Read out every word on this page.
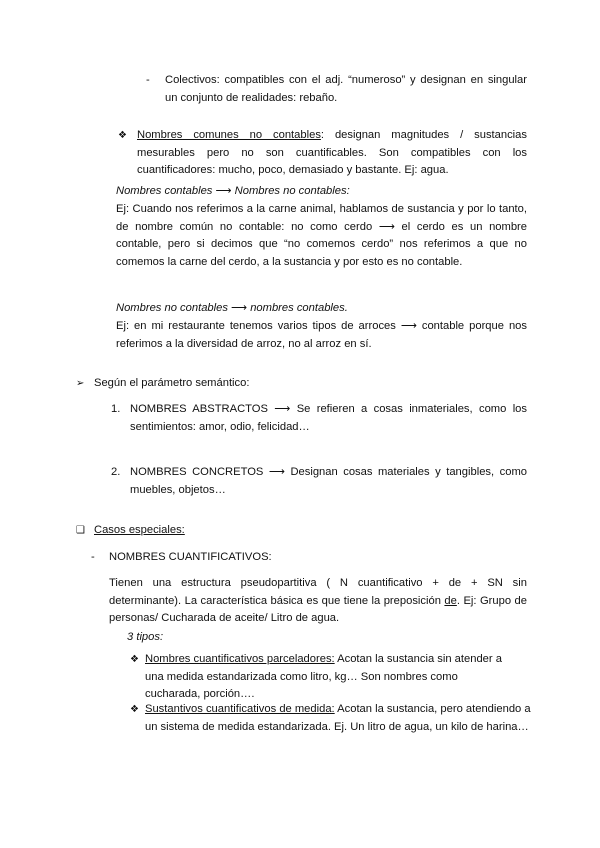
- Colectivos: compatibles con el adj. “numeroso” y designan en singular un conjunto de realidades: rebaño.
❖ Nombres comunes no contables: designan magnitudes / sustancias mesurables pero no son cuantificables. Son compatibles con los cuantificadores: mucho, poco, demasiado y bastante. Ej: agua.
Nombres contables ⟶ Nombres no contables:
Ej: Cuando nos referimos a la carne animal, hablamos de sustancia y por lo tanto, de nombre común no contable: no como cerdo ⟶ el cerdo es un nombre contable, pero si decimos que “no comemos cerdo” nos referimos a que no comemos la carne del cerdo, a la sustancia y por esto es no contable.
Nombres no contables ⟶ nombres contables.
Ej: en mi restaurante tenemos varios tipos de arroces ⟶ contable porque nos referimos a la diversidad de arroz, no al arroz en sí.
➢ Según el parámetro semántico:
1. NOMBRES ABSTRACTOS ⟶ Se refieren a cosas inmateriales, como los sentimientos: amor, odio, felicidad…
2. NOMBRES CONCRETOS ⟶ Designan cosas materiales y tangibles, como muebles, objetos…
❑ Casos especiales:
- NOMBRES CUANTIFICATIVOS:
Tienen una estructura pseudopartitiva ( N cuantificativo + de + SN sin determinante). La característica básica es que tiene la preposición de. Ej: Grupo de personas/ Cucharada de aceite/ Litro de agua.
3 tipos:
❖ Nombres cuantificativos parceladores: Acotan la sustancia sin atender a una medida estandarizada como litro, kg… Son nombres como cucharada, porción….
❖ Sustantivos cuantificativos de medida: Acotan la sustancia, pero atendiendo a un sistema de medida estandarizada. Ej. Un litro de agua, un kilo de harina…
